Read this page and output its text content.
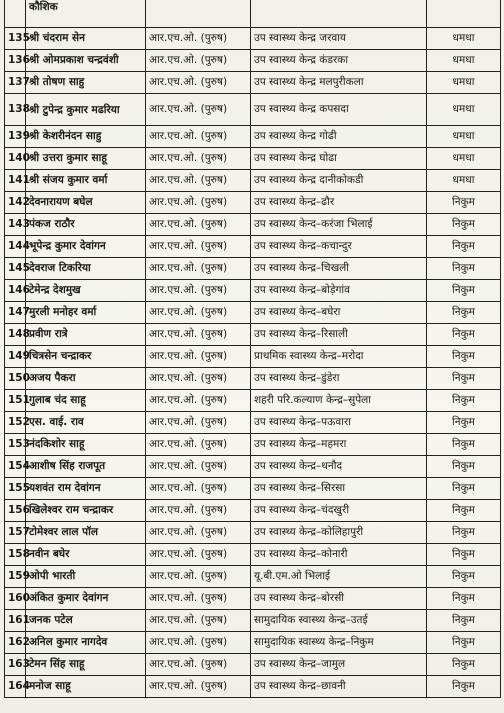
	कौशिक			
135	श्री चंदराम सेन	आर.एच.ओ. (पुरुष)	उप स्वास्थ्य केन्द्र जरवाय	धमधा
136	श्री ओमप्रकाश चन्द्रवंशी	आर.एच.ओ. (पुरुष)	उप स्वास्थ्य केन्द्र कंडरका	धमधा
137	श्री तोषण साहु	आर.एच.ओ. (पुरुष)	उप स्वास्थ्य केन्द्र मलपुरीकला	धमधा
138	श्री टुपेन्द्र कुमार मढरिया	आर.एच.ओ. (पुरुष)	उप स्वास्थ्य केन्द्र कपसदा	धमधा
139	श्री केशरीनंदन साहु	आर.एच.ओ. (पुरुष)	उप स्वास्थ्य केन्द्र गोढी	धमधा
140	श्री उत्तरा कुमार साहू	आर.एच.ओ. (पुरुष)	उप स्वास्थ्य केन्द्र घोढा	धमधा
141	श्री संजय कुमार वर्मा	आर.एच.ओ. (पुरुष)	उप स्वास्थ्य केन्द्र दानीकोकडी	धमधा
142	देवनारायण बघेल	आर.एच.ओ. (पुरुष)	उप स्वास्थ्य केन्द्र–ढौर	निकुम
143	पंकज राठौर	आर.एच.ओ. (पुरुष)	उप स्वास्थ्य केन्द–करंजा भिलाई	निकुम
144	भूपेन्द्र कुमार देवांगन	आर.एच.ओ. (पुरुष)	उप स्वास्थ्य केन्द्र–कचान्दुर	निकुम
145	देवराज टिकरिया	आर.एच.ओ. (पुरुष)	उप स्वास्थ्य केन्द्र–चिखली	निकुम
146	टेमेन्द्र देशमुख	आर.एच.ओ. (पुरुष)	उप स्वास्थ्य केन्द्र–बोड़ेगांव	निकुम
147	मुरली मनोहर वर्मा	आर.एच.ओ. (पुरुष)	उप स्वास्थ्य केन्द–बघेरा	निकुम
148	प्रवीण रात्रे	आर.एच.ओ. (पुरुष)	उप स्वास्थ्य केन्द्र–रिसाली	निकुम
149	चित्रसेन चन्द्राकर	आर.एच.ओ. (पुरुष)	प्राथमिक स्वास्थ्य केन्द्र–मरोदा	निकुम
150	अजय पैकरा	आर.एच.ओ. (पुरुष)	उप स्वास्थ्य केन्द्र–डुंडेरा	निकुम
151	गुलाब चंद साहू	आर.एच.ओ. (पुरुष)	शहरी परि.कल्याण केन्द्र–सुपेला	निकुम
152	एस. वाई. राव	आर.एच.ओ. (पुरुष)	उप स्वास्थ्य केन्द्र–पऊवारा	निकुम
153	नंदकिशोर साहू	आर.एच.ओ. (पुरुष)	उप स्वास्थ्य केन्द्र–महमरा	निकुम
154	आशीष सिंह राजपूत	आर.एच.ओ. (पुरुष)	उप स्वास्थ्य केन्द्र–थनौद	निकुम
155	यशवंत राम देवांगन	आर.एच.ओ. (पुरुष)	उप स्वास्थ्य केन्द्र–सिरसा	निकुम
156	खिलेश्वर राम चन्द्राकर	आर.एच.ओ. (पुरुष)	उप स्वास्थ्य केन्द्र–चंदखुरी	निकुम
157	टोमेश्वर लाल पॉल	आर.एच.ओ. (पुरुष)	उप स्वास्थ्य केन्द्र–कोलिहापुरी	निकुम
158	नवीन बघेर	आर.एच.ओ. (पुरुष)	उप स्वास्थ्य केन्द्र–कोनारी	निकुम
159	ओपी भारती	आर.एच.ओ. (पुरुष)	यू.बी.एम.ओ भिलाई	निकुम
160	अंकित कुमार देवांगन	आर.एच.ओ. (पुरुष)	उप स्वास्थ्य केन्द्र–बोरसी	निकुम
161	जनक पटेल	आर.एच.ओ. (पुरुष)	सामुदायिक स्वास्थ्य केन्द्र–उतई	निकुम
162	अनिल कुमार नागदेव	आर.एच.ओ. (पुरुष)	सामुदायिक स्वास्थ्य केन्द्र–निकुम	निकुम
163	टेमन सिंह साहू	आर.एच.ओ. (पुरुष)	उप स्वास्थ्य केन्द्र–जामुल	निकुम
164	मनोज साहू	आर.एच.ओ. (पुरुष)	उप स्वास्थ्य केन्द्र–छावनी	निकुम
